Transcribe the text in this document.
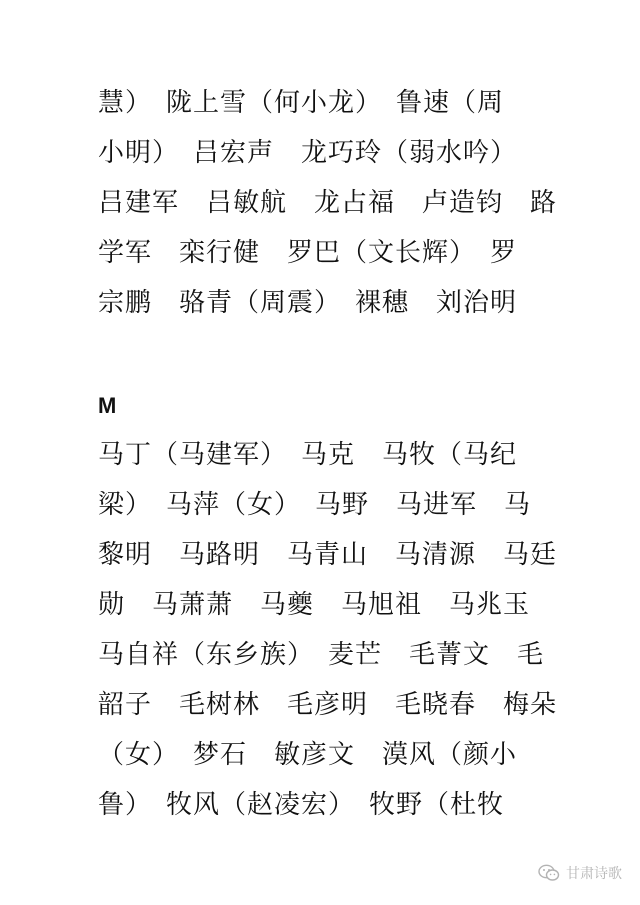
慧）　陇上雪（何小龙）　鲁速（周
小明）　吕宏声　龙巧玲（弱水吟）
吕建军　吕敏航　龙占福　卢造钧　路
学军　栾行健　罗巴（文长辉）　罗
宗鹏　骆青（周震）　裸穗　刘治明
M
马丁（马建军）　马克　马牧（马纪
梁）　马萍（女）　马野　马进军　马
黎明　马路明　马青山　马清源　马廷
勋　马萧萧　马夔　马旭祖　马兆玉
马自祥（东乡族）　麦芒　毛菁文　毛
韶子　毛树林　毛彦明　毛晓春　梅朵
（女）　梦石　敏彦文　漠风（颜小
鲁）　牧风（赵凌宏）　牧野（杜牧
甘肃诗歌
